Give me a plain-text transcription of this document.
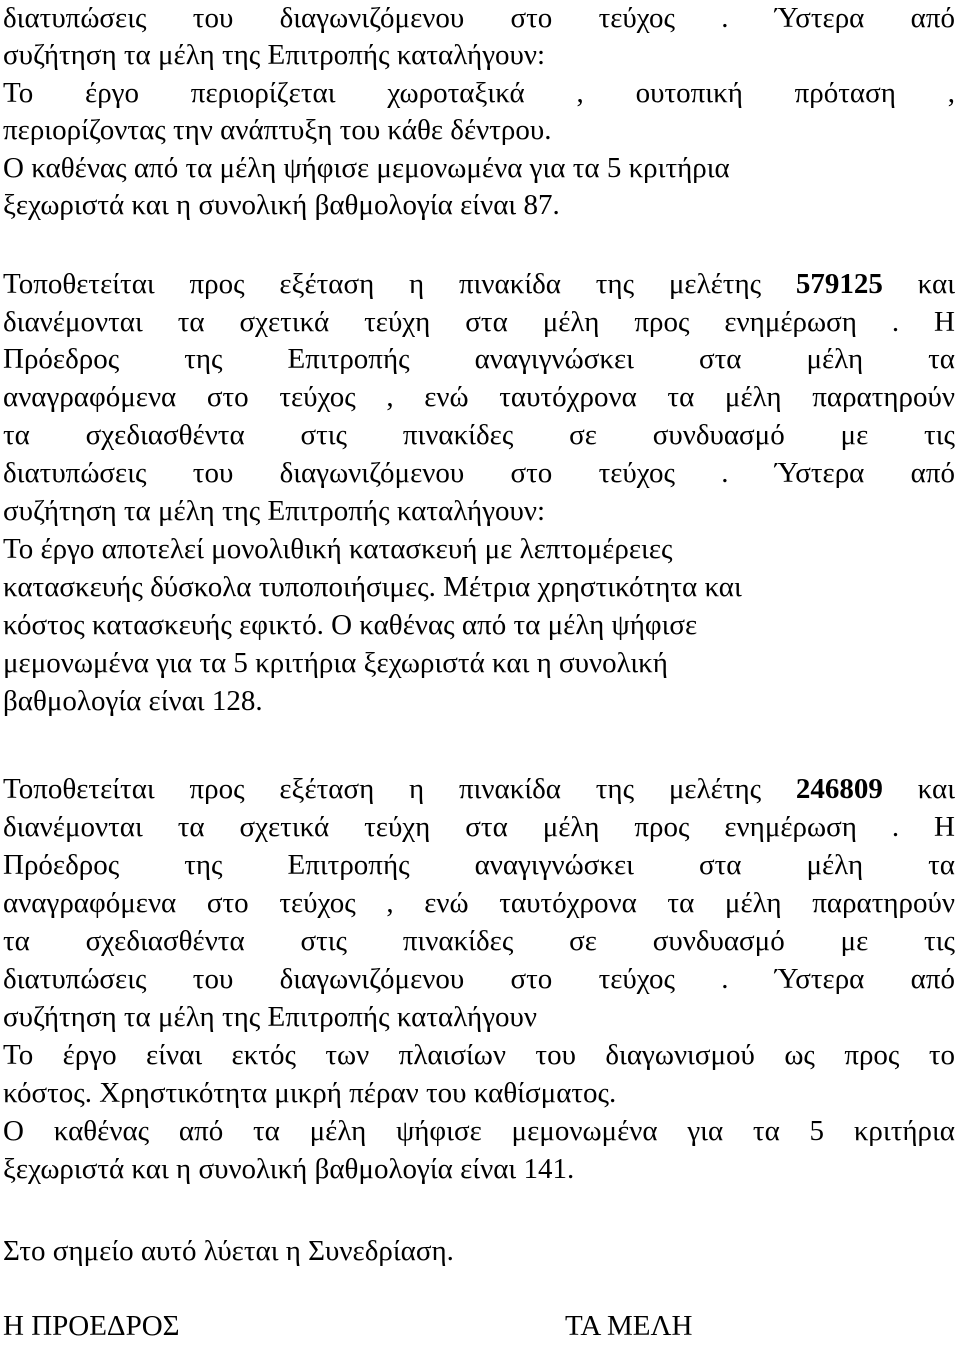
διατυπώσεις του διαγωνιζόμενου στο τεύχος . Ύστερα από
συζήτηση τα μέλη της Επιτροπής καταλήγουν:
Το έργο περιορίζεται χωροταξικά , ουτοπική πρόταση ,
περιορίζοντας την ανάπτυξη του κάθε δέντρου.
Ο καθένας από τα μέλη ψήφισε μεμονωμένα για τα 5 κριτήρια
ξεχωριστά και η συνολική βαθμολογία είναι 87.
Τοποθετείται προς εξέταση η πινακίδα της μελέτης 579125 και
διανέμονται τα σχετικά τεύχη στα μέλη προς ενημέρωση . Η
Πρόεδρος της Επιτροπής αναγιγνώσκει στα μέλη τα
αναγραφόμενα στο τεύχος , ενώ ταυτόχρονα τα μέλη παρατηρούν
τα σχεδιασθέντα στις πινακίδες σε συνδυασμό με τις
διατυπώσεις του διαγωνιζόμενου στο τεύχος . Ύστερα από
συζήτηση τα μέλη της Επιτροπής καταλήγουν:
Το έργο αποτελεί μονολιθική κατασκευή με λεπτομέρειες
κατασκευής δύσκολα τυποποιήσιμες. Μέτρια χρηστικότητα και
κόστος κατασκευής εφικτό. Ο καθένας από τα μέλη ψήφισε
μεμονωμένα για τα 5 κριτήρια ξεχωριστά και η συνολική
βαθμολογία είναι 128.
Τοποθετείται προς εξέταση η πινακίδα της μελέτης 246809 και
διανέμονται τα σχετικά τεύχη στα μέλη προς ενημέρωση . Η
Πρόεδρος της Επιτροπής αναγιγνώσκει στα μέλη τα
αναγραφόμενα στο τεύχος , ενώ ταυτόχρονα τα μέλη παρατηρούν
τα σχεδιασθέντα στις πινακίδες σε συνδυασμό με τις
διατυπώσεις του διαγωνιζόμενου στο τεύχος . Ύστερα από
συζήτηση τα μέλη της Επιτροπής καταλήγουν
Το έργο είναι εκτός των πλαισίων του διαγωνισμού ως προς το
κόστος. Χρηστικότητα μικρή πέραν του καθίσματος.
Ο καθένας από τα μέλη ψήφισε μεμονωμένα για τα 5 κριτήρια
ξεχωριστά και η συνολική βαθμολογία είναι 141.
Στο σημείο αυτό λύεται η Συνεδρίαση.
Η ΠΡΟΕΔΡΟΣ	ΤΑ ΜΕΛΗ
